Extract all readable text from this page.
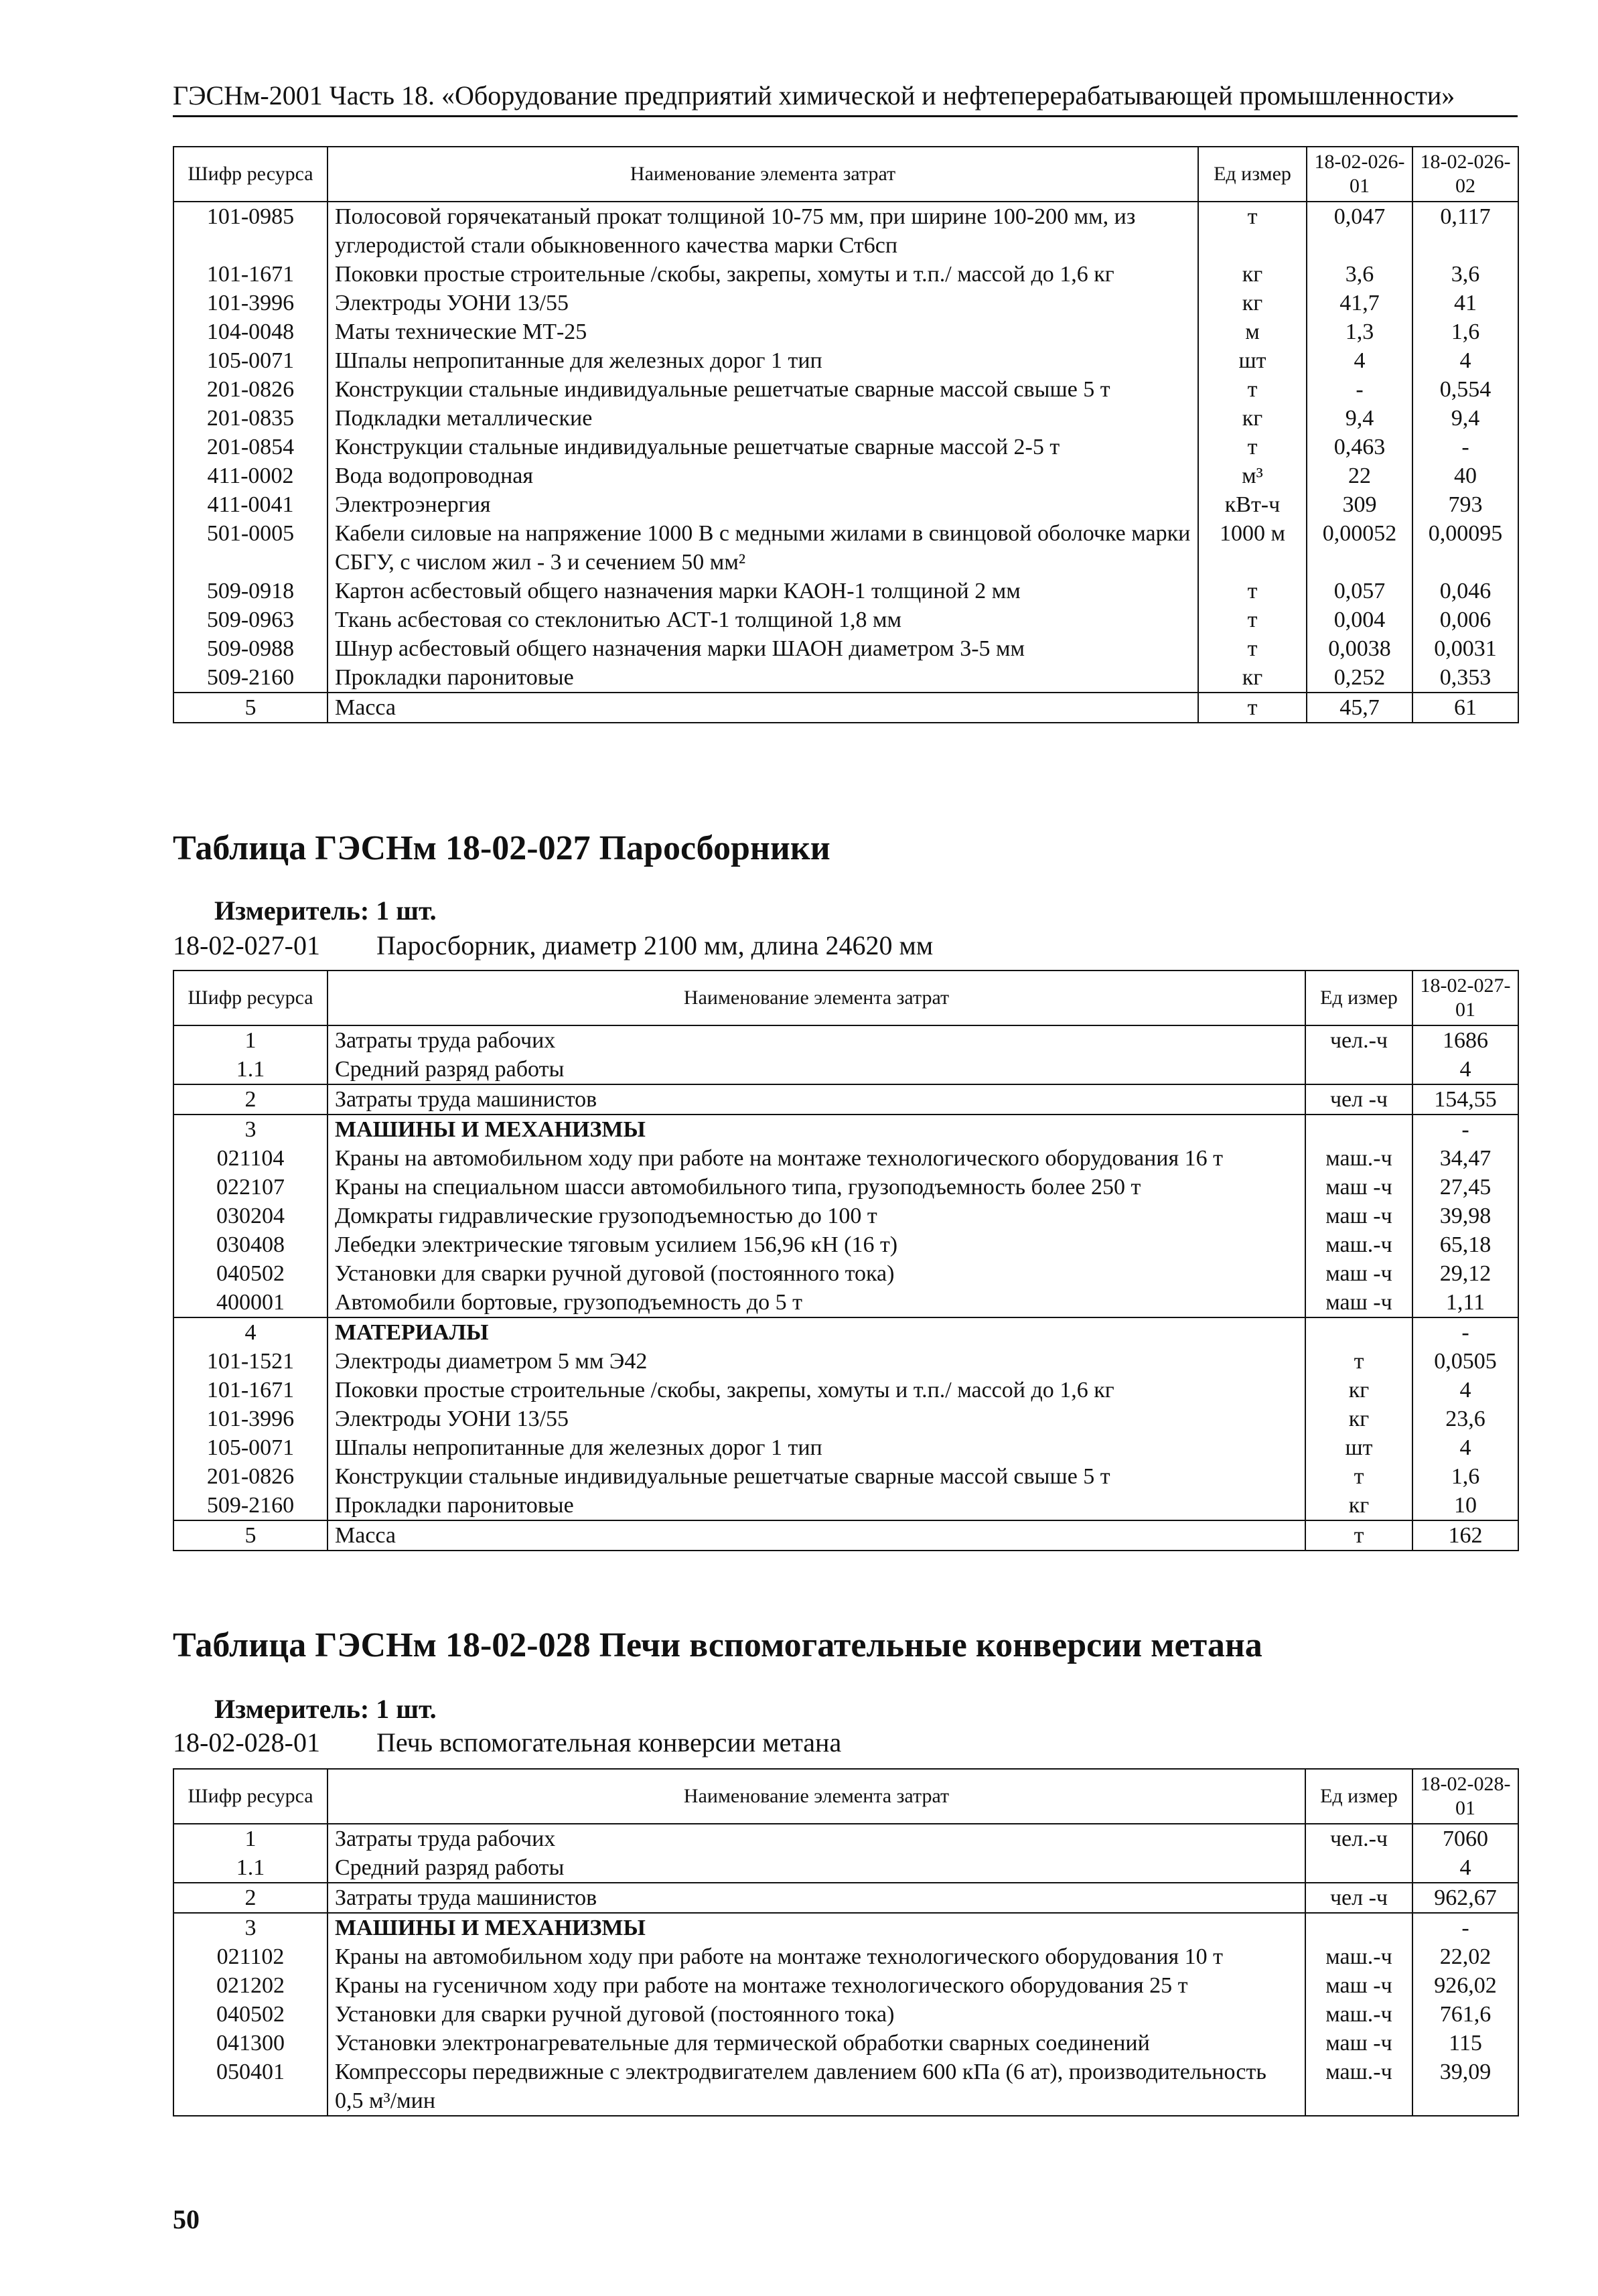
ГЭСНм-2001 Часть 18. «Оборудование предприятий химической и нефтеперерабатывающей промышленности»
Шифр ресурса	Наименование элемента затрат	Ед измер	18-02-026-01	18-02-026-02
101-0985	Полосовой горячекатаный прокат толщиной 10-75 мм, при ширине 100-200 мм, из углеродистой стали обыкновенного качества марки Ст6сп	т	0,047	0,117
101-1671	Поковки простые строительные /скобы, закрепы, хомуты и т.п./ массой до 1,6 кг	кг	3,6	3,6
101-3996	Электроды УОНИ 13/55	кг	41,7	41
104-0048	Маты технические МТ-25	м	1,3	1,6
105-0071	Шпалы непропитанные для железных дорог 1 тип	шт	4	4
201-0826	Конструкции стальные индивидуальные решетчатые сварные массой свыше 5 т	т	-	0,554
201-0835	Подкладки металлические	кг	9,4	9,4
201-0854	Конструкции стальные индивидуальные решетчатые сварные массой 2-5 т	т	0,463	-
411-0002	Вода водопроводная	м³	22	40
411-0041	Электроэнергия	кВт-ч	309	793
501-0005	Кабели силовые на напряжение 1000 В с медными жилами в свинцовой оболочке марки СБГУ, с числом жил - 3 и сечением 50 мм²	1000 м	0,00052	0,00095
509-0918	Картон асбестовый общего назначения марки КАОН-1 толщиной 2 мм	т	0,057	0,046
509-0963	Ткань асбестовая со стеклонитью АСТ-1 толщиной 1,8 мм	т	0,004	0,006
509-0988	Шнур асбестовый общего назначения марки ШАОН диаметром 3-5 мм	т	0,0038	0,0031
509-2160	Прокладки паронитовые	кг	0,252	0,353
5	Масса	т	45,7	61
Таблица ГЭСНм 18-02-027 Паросборники
Измеритель: 1 шт.
18-02-027-01 Паросборник, диаметр 2100 мм, длина 24620 мм
Шифр ресурса	Наименование элемента затрат	Ед измер	18-02-027-01
1	Затраты труда рабочих	чел.-ч	1686
1.1	Средний разряд работы		4
2	Затраты труда машинистов	чел -ч	154,55
3	МАШИНЫ И МЕХАНИЗМЫ		-
021104	Краны на автомобильном ходу при работе на монтаже технологического оборудования 16 т	маш.-ч	34,47
022107	Краны на специальном шасси автомобильного типа, грузоподъемность более 250 т	маш -ч	27,45
030204	Домкраты гидравлические грузоподъемностью до 100 т	маш -ч	39,98
030408	Лебедки электрические тяговым усилием 156,96 кН (16 т)	маш.-ч	65,18
040502	Установки для сварки ручной дуговой (постоянного тока)	маш -ч	29,12
400001	Автомобили бортовые, грузоподъемность до 5 т	маш -ч	1,11
4	МАТЕРИАЛЫ		-
101-1521	Электроды диаметром 5 мм Э42	т	0,0505
101-1671	Поковки простые строительные /скобы, закрепы, хомуты и т.п./ массой до 1,6 кг	кг	4
101-3996	Электроды УОНИ 13/55	кг	23,6
105-0071	Шпалы непропитанные для железных дорог 1 тип	шт	4
201-0826	Конструкции стальные индивидуальные решетчатые сварные массой свыше 5 т	т	1,6
509-2160	Прокладки паронитовые	кг	10
5	Масса	т	162
Таблица ГЭСНм 18-02-028 Печи вспомогательные конверсии метана
Измеритель: 1 шт.
18-02-028-01 Печь вспомогательная конверсии метана
Шифр ресурса	Наименование элемента затрат	Ед измер	18-02-028-01
1	Затраты труда рабочих	чел.-ч	7060
1.1	Средний разряд работы		4
2	Затраты труда машинистов	чел -ч	962,67
3	МАШИНЫ И МЕХАНИЗМЫ		-
021102	Краны на автомобильном ходу при работе на монтаже технологического оборудования 10 т	маш.-ч	22,02
021202	Краны на гусеничном ходу при работе на монтаже технологического оборудования 25 т	маш -ч	926,02
040502	Установки для сварки ручной дуговой (постоянного тока)	маш.-ч	761,6
041300	Установки электронагревательные для термической обработки сварных соединений	маш -ч	115
050401	Компрессоры передвижные с электродвигателем давлением 600 кПа (6 ат), производительность 0,5 м³/мин	маш.-ч	39,09
50
